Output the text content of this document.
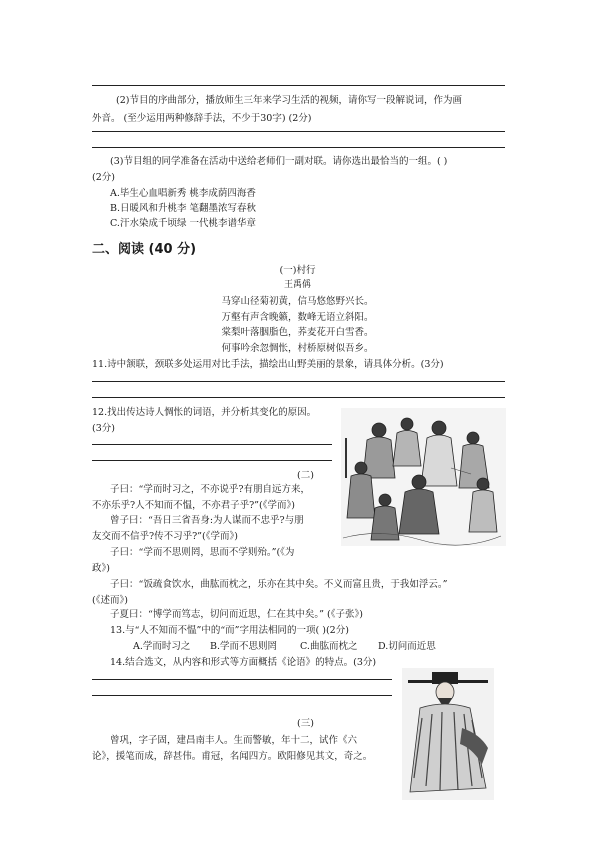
(2)节目的序曲部分，播放师生三年来学习生活的视频，请你写一段解说词，作为画
外音。 (至少运用两种修辞手法，不少于30字) (2分)
(3)节目组的同学准备在活动中送给老师们一副对联。请你选出最恰当的一组。( )
(2分)
A.毕生心血唱新秀 桃李成荫四海香
B.日暖风和升桃李 笔翻墨浓写春秋
C.汗水染成千顷绿 一代桃李谱华章
二、阅读 (40 分)
(一)村行
王禹偁
马穿山径菊初黄，信马悠悠野兴长。
万壑有声含晚籁，数峰无语立斜阳。
棠梨叶落胭脂色，荞麦花开白雪香。
何事吟余忽惆怅，村桥原树似吾乡。
11.诗中颔联，颈联多处运用对比手法，描绘出山野美丽的景象，请具体分析。(3分)
12.找出传达诗人惆怅的词语，并分析其变化的原因。
(3分)
(二)
子曰：“学而时习之，不亦说乎?有朋自远方来，
不亦乐乎?人不知而不愠，不亦君子乎?”(《学而》)
曾子曰：“吾日三省吾身:为人谋而不忠乎?与朋
友交而不信乎?传不习乎?”(《学而》)
子曰：“学而不思则罔，思而不学则殆。”(《为
政》)
子曰：“饭疏食饮水，曲肱而枕之，乐亦在其中矣。不义而富且贵，于我如浮云。”
(《述而》)
子夏曰：“博学而笃志，切问而近思，仁在其中矣。” (《子张》)
13.与“人不知而不愠”中的“而”字用法相同的一项( )(2分)
A.学而时习之 B.学而不思则罔 C.曲肱而枕之 D.切问而近思
14.结合选文，从内容和形式等方面概括《论语》的特点。(3分)
(三)
曾巩，字子固，建昌南丰人。生而警敏，年十二，试作《六
论》，援笔而成，辞甚伟。甫冠，名闻四方。欧阳修见其文，奇之。
